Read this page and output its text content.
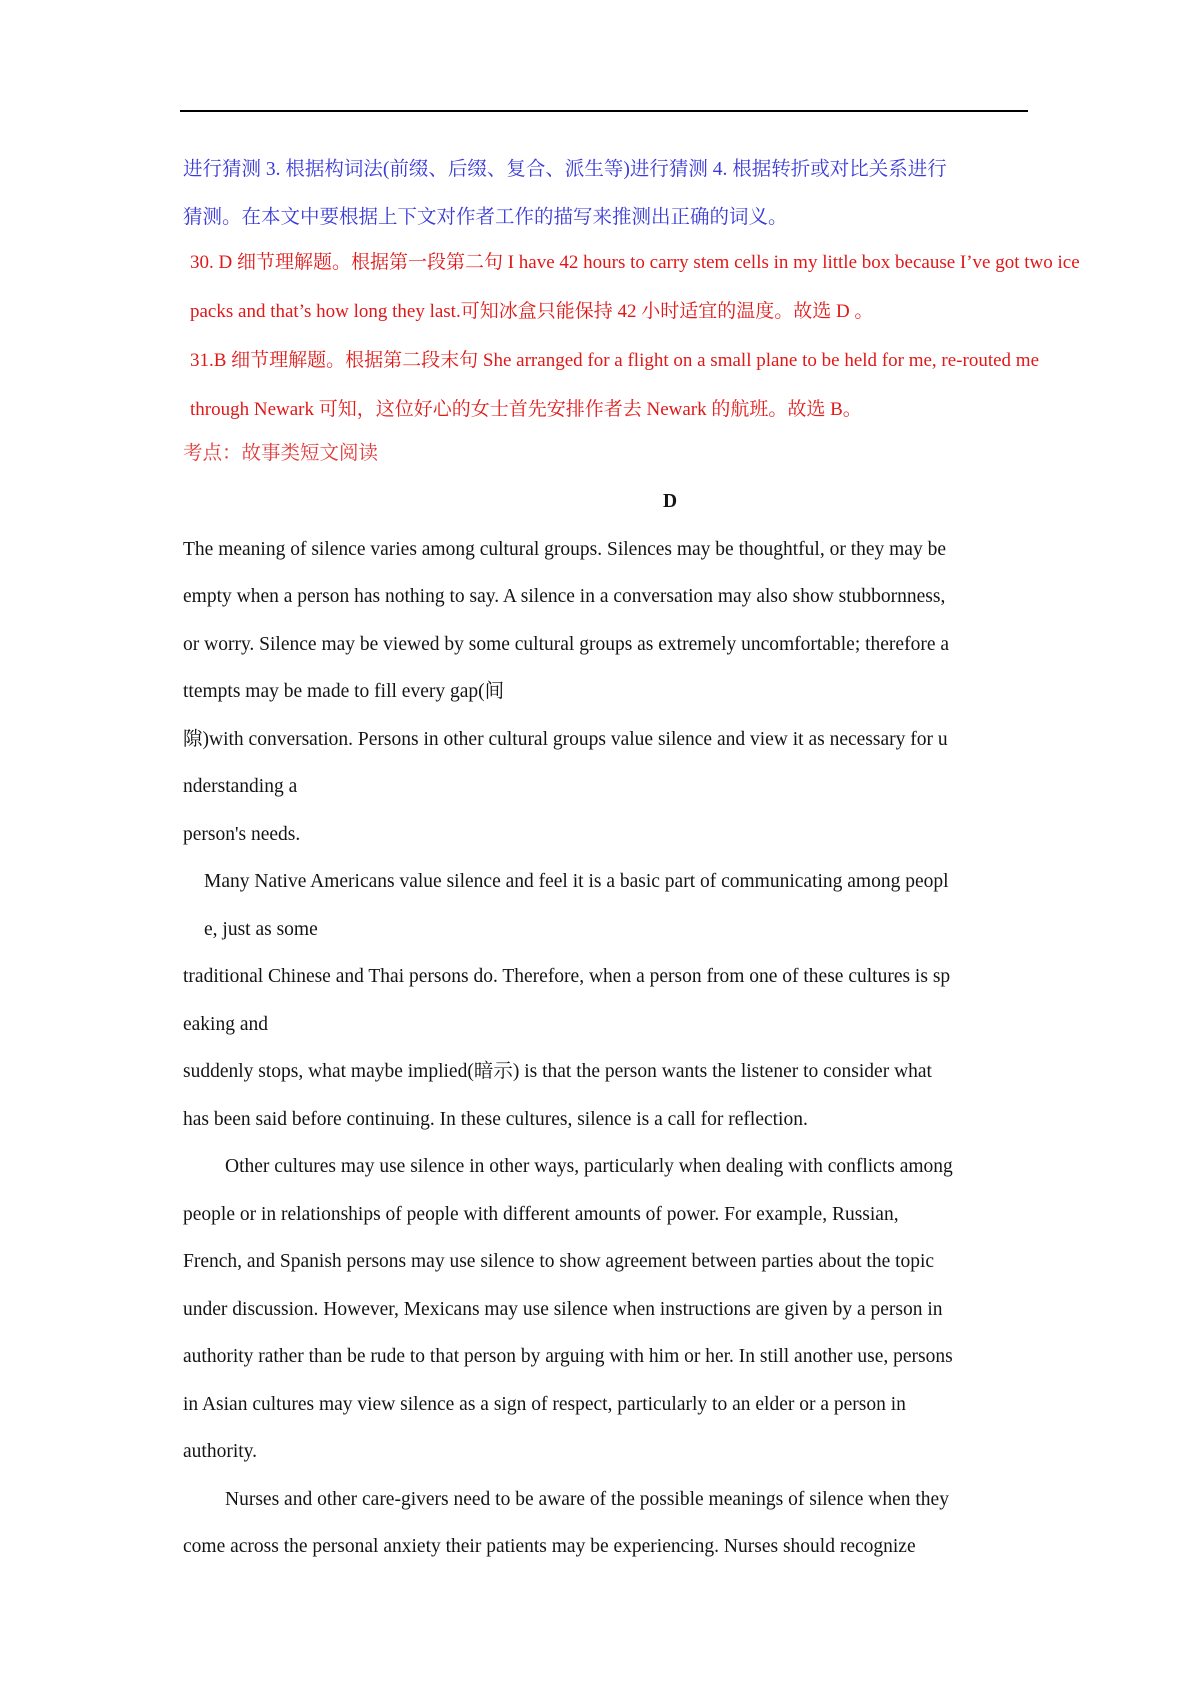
进行猜测 3. 根据构词法(前缀、后缀、复合、派生等)进行猜测 4. 根据转折或对比关系进行
猜测。在本文中要根据上下文对作者工作的描写来推测出正确的词义。
30. D 细节理解题。根据第一段第二句 I have 42 hours to carry stem cells in my little box because I’ve got two ice
packs and that’s how long they last.可知冰盒只能保持 42 小时适宜的温度。故选 D 。
31.B 细节理解题。根据第二段末句 She arranged for a flight on a small plane to be held for me, re-routed me
through Newark 可知，这位好心的女士首先安排作者去 Newark 的航班。故选 B。
考点：故事类短文阅读
D
The meaning of silence varies among cultural groups. Silences may be thoughtful, or they may be
empty when a person has nothing to say. A silence in a conversation may also show stubbornness,
or worry. Silence may be viewed by some cultural groups as extremely uncomfortable; therefore a
ttempts may be made to fill every gap(间
隙)with conversation. Persons in other cultural groups value silence and view it as necessary for u
nderstanding a
person's needs.
Many Native Americans value silence and feel it is a basic part of communicating among peopl
e, just as some
traditional Chinese and Thai persons do. Therefore, when a person from one of these cultures is sp
eaking and
suddenly stops, what maybe implied(暗示) is that the person wants the listener to consider what
has been said before continuing. In these cultures, silence is a call for reflection.
Other cultures may use silence in other ways, particularly when dealing with conflicts among
people or in relationships of people with different amounts of power. For example, Russian,
French, and Spanish persons may use silence to show agreement between parties about the topic
under discussion. However, Mexicans may use silence when instructions are given by a person in
authority rather than be rude to that person by arguing with him or her. In still another use, persons
in Asian cultures may view silence as a sign of respect, particularly to an elder or a person in
authority.
Nurses and other care-givers need to be aware of the possible meanings of silence when they
come across the personal anxiety their patients may be experiencing. Nurses should recognize
